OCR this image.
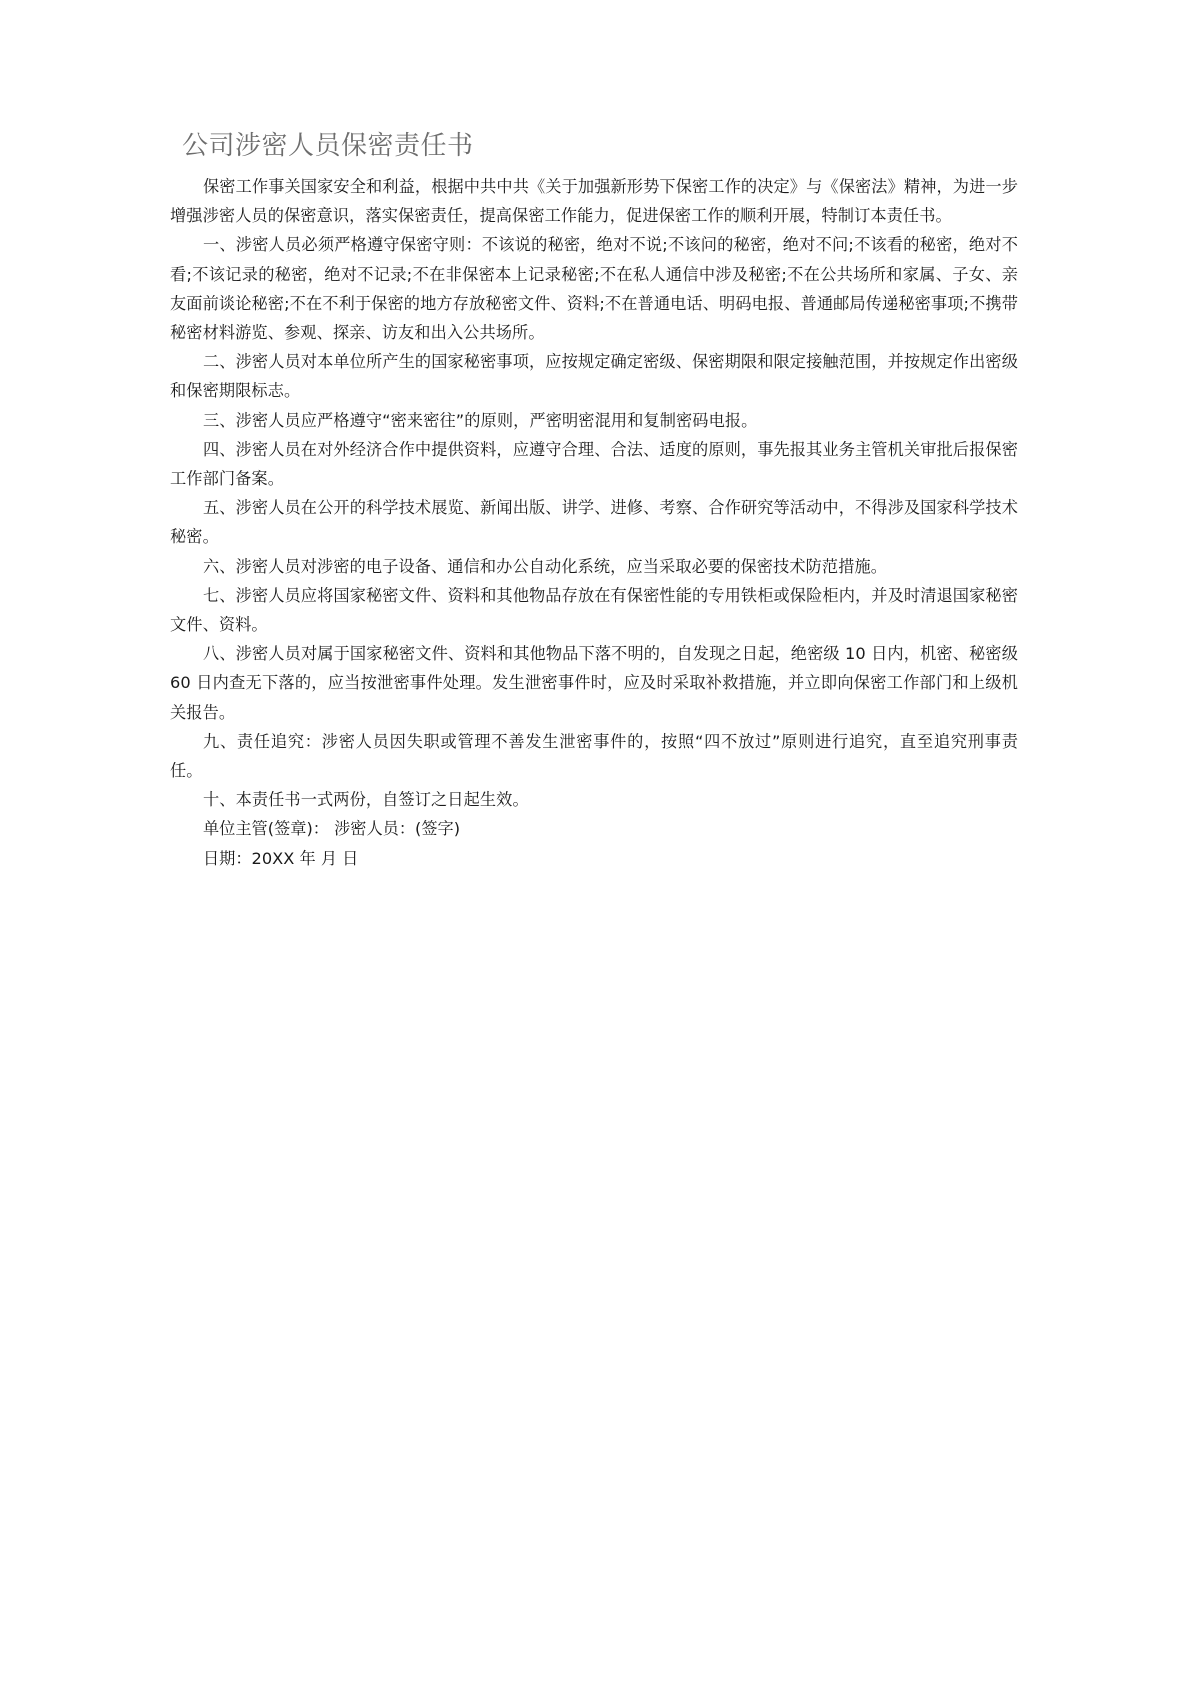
公司涉密人员保密责任书

保密工作事关国家安全和利益，根据中共中共《关于加强新形势下保密工作的决定》与《保密法》精神，为进一步增强涉密人员的保密意识，落实保密责任，提高保密工作能力，促进保密工作的顺利开展，特制订本责任书。

一、涉密人员必须严格遵守保密守则：不该说的秘密，绝对不说;不该问的秘密，绝对不问;不该看的秘密，绝对不看;不该记录的秘密，绝对不记录;不在非保密本上记录秘密;不在私人通信中涉及秘密;不在公共场所和家属、子女、亲友面前谈论秘密;不在不利于保密的地方存放秘密文件、资料;不在普通电话、明码电报、普通邮局传递秘密事项;不携带秘密材料游览、参观、探亲、访友和出入公共场所。

二、涉密人员对本单位所产生的国家秘密事项，应按规定确定密级、保密期限和限定接触范围，并按规定作出密级和保密期限标志。

三、涉密人员应严格遵守“密来密往”的原则，严密明密混用和复制密码电报。

四、涉密人员在对外经济合作中提供资料，应遵守合理、合法、适度的原则，事先报其业务主管机关审批后报保密工作部门备案。

五、涉密人员在公开的科学技术展览、新闻出版、讲学、进修、考察、合作研究等活动中，不得涉及国家科学技术秘密。

六、涉密人员对涉密的电子设备、通信和办公自动化系统，应当采取必要的保密技术防范措施。

七、涉密人员应将国家秘密文件、资料和其他物品存放在有保密性能的专用铁柜或保险柜内，并及时清退国家秘密文件、资料。

八、涉密人员对属于国家秘密文件、资料和其他物品下落不明的，自发现之日起，绝密级 10 日内，机密、秘密级 60 日内查无下落的，应当按泄密事件处理。发生泄密事件时，应及时采取补救措施，并立即向保密工作部门和上级机关报告。

九、责任追究：涉密人员因失职或管理不善发生泄密事件的，按照“四不放过”原则进行追究，直至追究刑事责任。

十、本责任书一式两份，自签订之日起生效。

单位主管(签章)： 涉密人员：(签字)

日期：20XX 年 月 日
